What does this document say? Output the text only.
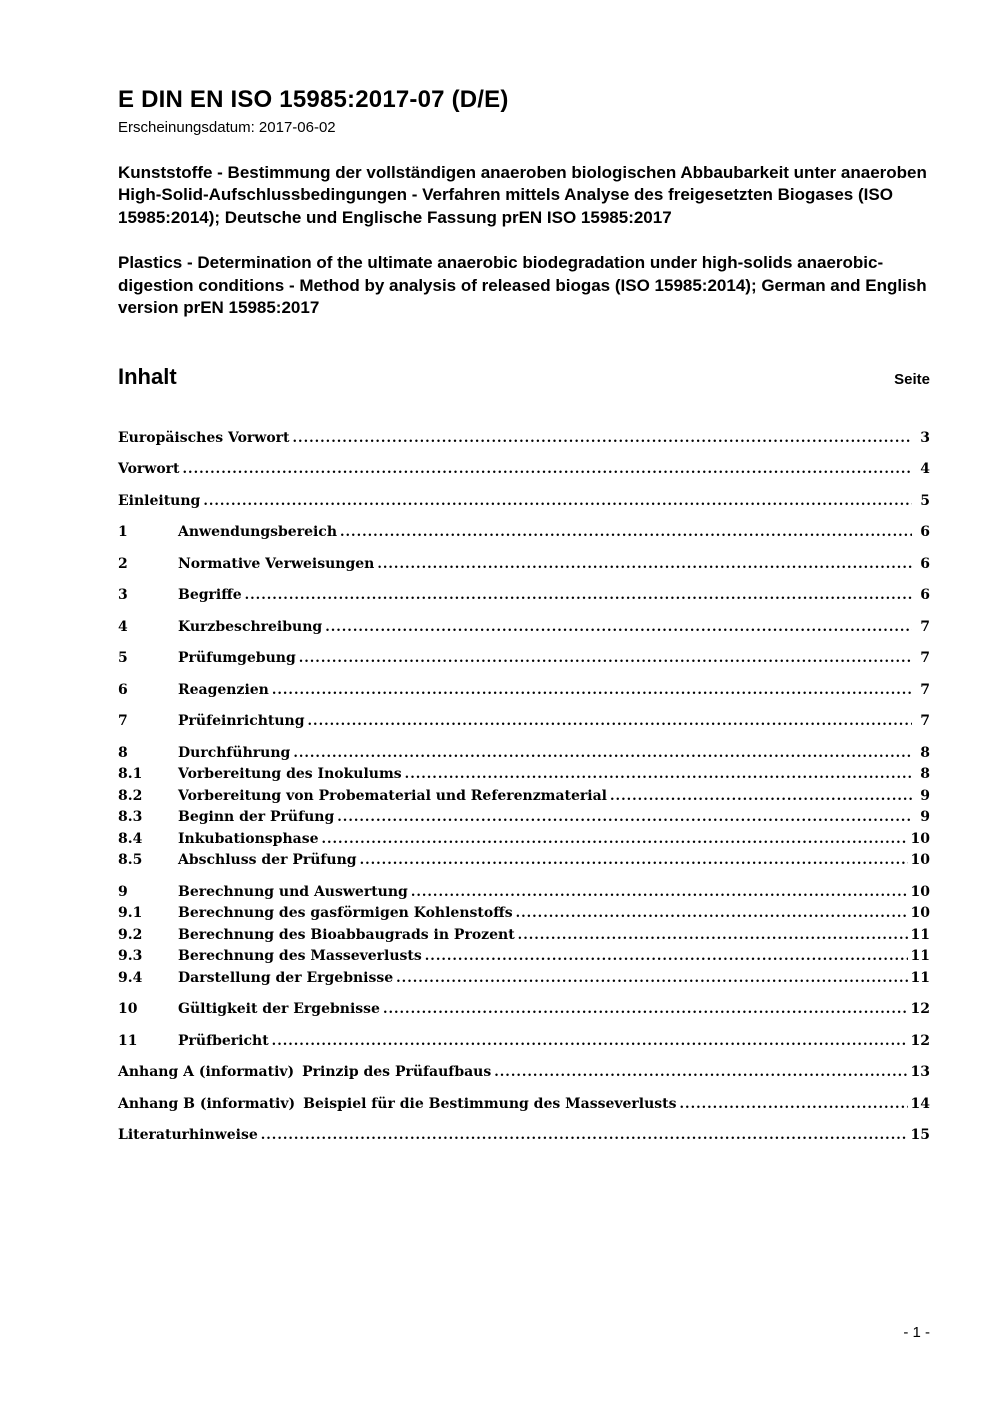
E DIN EN ISO 15985:2017-07 (D/E)
Erscheinungsdatum: 2017-06-02

Kunststoffe - Bestimmung der vollständigen anaeroben biologischen Abbaubarkeit unter anaeroben High-Solid-Aufschlussbedingungen - Verfahren mittels Analyse des freigesetzten Biogases (ISO 15985:2014); Deutsche und Englische Fassung prEN ISO 15985:2017

Plastics - Determination of the ultimate anaerobic biodegradation under high-solids anaerobic-digestion conditions - Method by analysis of released biogas (ISO 15985:2014); German and English version prEN 15985:2017

Inhalt	Seite
Europäisches Vorwort .....	3
Vorwort .....	4
Einleitung .....	5
1	Anwendungsbereich .....	6
2	Normative Verweisungen .....	6
3	Begriffe .....	6
4	Kurzbeschreibung .....	7
5	Prüfumgebung .....	7
6	Reagenzien .....	7
7	Prüfeinrichtung .....	7
8	Durchführung .....	8
8.1	Vorbereitung des Inokulums .....	8
8.2	Vorbereitung von Probematerial und Referenzmaterial .....	9
8.3	Beginn der Prüfung .....	9
8.4	Inkubationsphase .....	10
8.5	Abschluss der Prüfung .....	10
9	Berechnung und Auswertung .....	10
9.1	Berechnung des gasförmigen Kohlenstoffs .....	10
9.2	Berechnung des Bioabbaugrads in Prozent .....	11
9.3	Berechnung des Masseverlusts .....	11
9.4	Darstellung der Ergebnisse .....	11
10	Gültigkeit der Ergebnisse .....	12
11	Prüfbericht .....	12
Anhang A (informativ) Prinzip des Prüfaufbaus .....	13
Anhang B (informativ) Beispiel für die Bestimmung des Masseverlusts .....	14
Literaturhinweise .....	15
- 1 -
